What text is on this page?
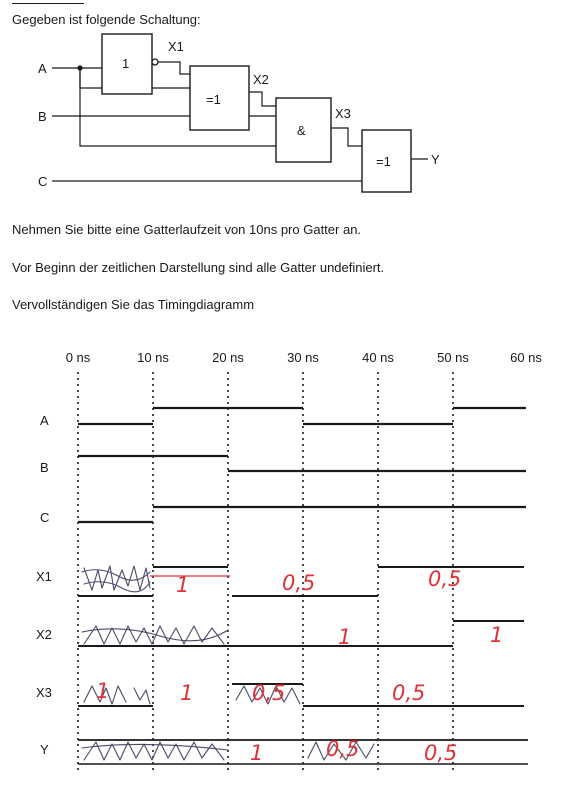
Gegeben ist folgende Schaltung:
A
B
C
Y
1
=1
&
=1
X1
X2
X3
0 ns	10 ns	20 ns	30 ns	40 ns	50 ns	60 ns
A
B
C
X1
X2
X3
Y
1	0,5	0,5
1	1
1	1	0,5	0,5
1	0,5	0,5
Nehmen Sie bitte eine Gatterlaufzeit von 10ns pro Gatter an.
Vor Beginn der zeitlichen Darstellung sind alle Gatter undefiniert.
Vervollständigen Sie das Timingdiagramm
